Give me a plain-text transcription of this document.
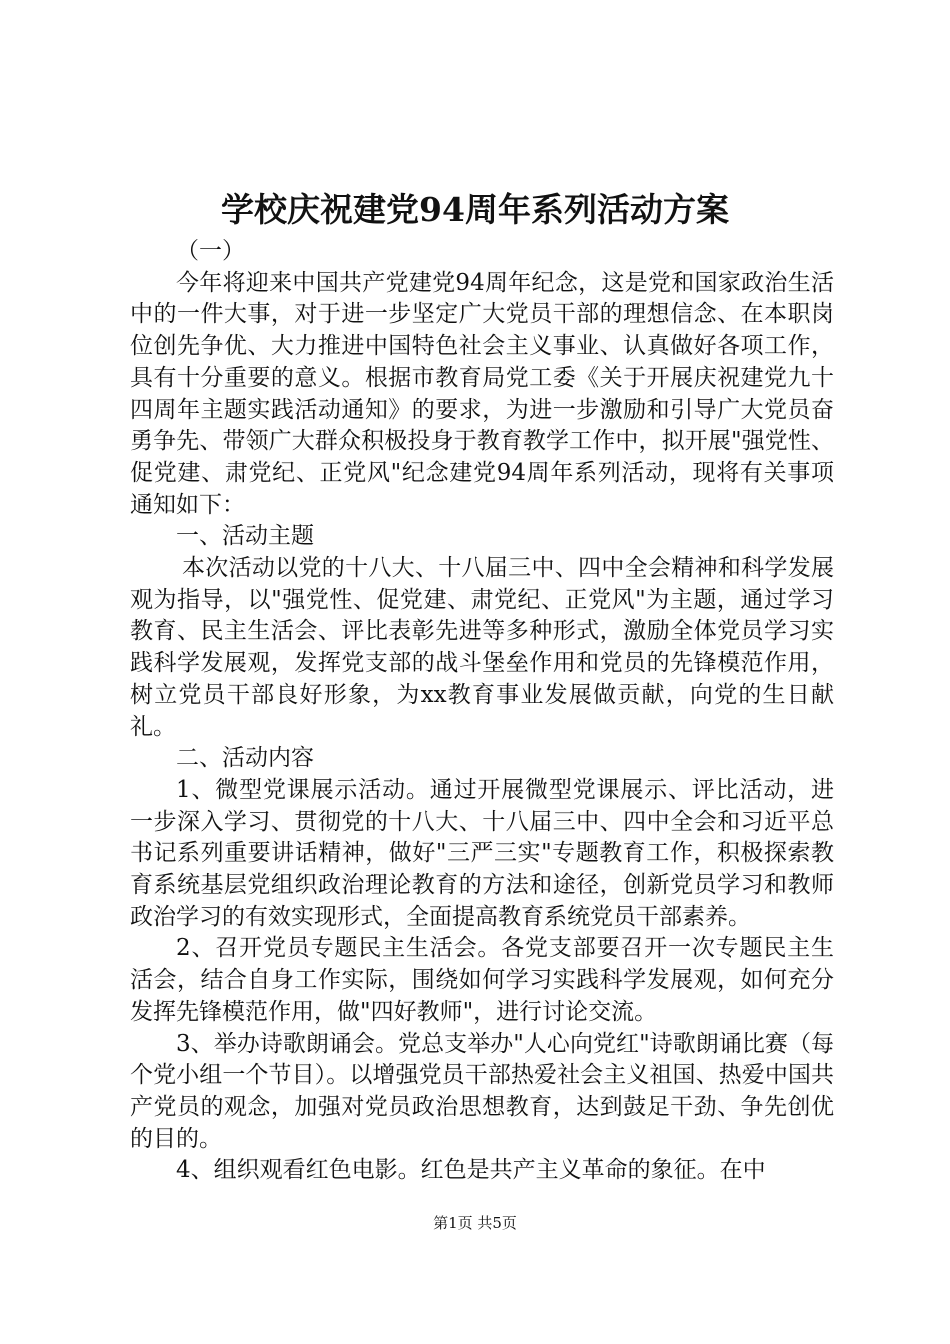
学校庆祝建党94周年系列活动方案

（一）

今年将迎来中国共产党建党94周年纪念，这是党和国家政治生活中的一件大事，对于进一步坚定广大党员干部的理想信念、在本职岗位创先争优、大力推进中国特色社会主义事业、认真做好各项工作，具有十分重要的意义。根据市教育局党工委《关于开展庆祝建党九十四周年主题实践活动通知》的要求，为进一步激励和引导广大党员奋勇争先、带领广大群众积极投身于教育教学工作中，拟开展"强党性、促党建、肃党纪、正党风"纪念建党94周年系列活动，现将有关事项通知如下：

一、活动主题

本次活动以党的十八大、十八届三中、四中全会精神和科学发展观为指导，以"强党性、促党建、肃党纪、正党风"为主题，通过学习教育、民主生活会、评比表彰先进等多种形式，激励全体党员学习实践科学发展观，发挥党支部的战斗堡垒作用和党员的先锋模范作用，树立党员干部良好形象，为xx教育事业发展做贡献，向党的生日献礼。

二、活动内容

1、微型党课展示活动。通过开展微型党课展示、评比活动，进一步深入学习、贯彻党的十八大、十八届三中、四中全会和习近平总书记系列重要讲话精神，做好"三严三实"专题教育工作，积极探索教育系统基层党组织政治理论教育的方法和途径，创新党员学习和教师政治学习的有效实现形式，全面提高教育系统党员干部素养。

2、召开党员专题民主生活会。各党支部要召开一次专题民主生活会，结合自身工作实际，围绕如何学习实践科学发展观，如何充分发挥先锋模范作用，做"四好教师"，进行讨论交流。

3、举办诗歌朗诵会。党总支举办"人心向党红"诗歌朗诵比赛（每个党小组一个节目）。以增强党员干部热爱社会主义祖国、热爱中国共产党员的观念，加强对党员政治思想教育，达到鼓足干劲、争先创优的目的。

4、组织观看红色电影。红色是共产主义革命的象征。在中

第1页 共5页
